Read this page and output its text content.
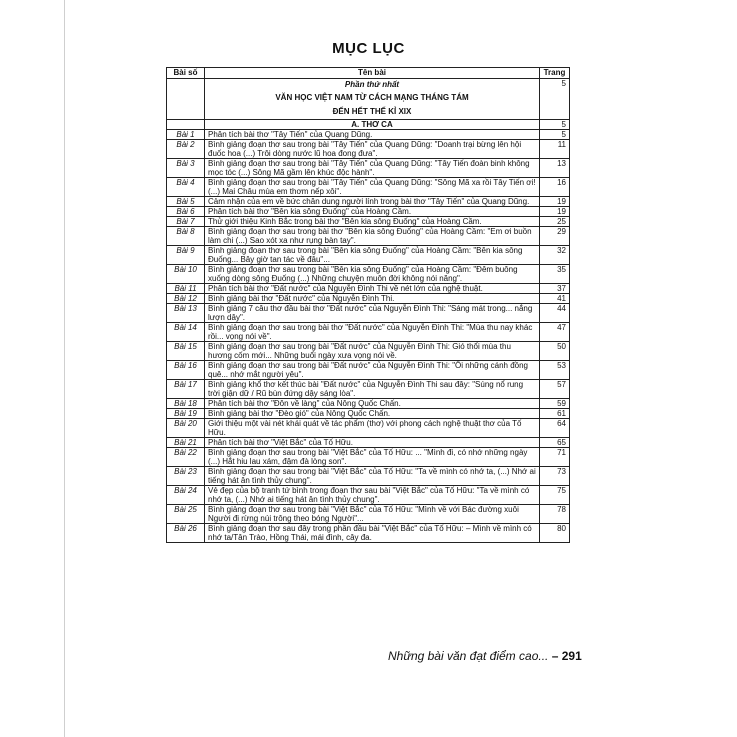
MỤC LỤC
Bài số	Tên bài	Trang

	Phần thứ nhất
VĂN HỌC VIỆT NAM TỪ CÁCH MẠNG THÁNG TÁM
ĐẾN HẾT THẾ KỈ XIX	5
	A. THƠ CA	5
Bài 1	Phân tích bài thơ "Tây Tiến" của Quang Dũng.	5
Bài 2	Bình giảng đoạn thơ sau trong bài "Tây Tiến" của Quang Dũng: "Doanh trại bừng lên hội đuốc hoa (...) Trôi dòng nước lũ hoa đong đưa".	11
Bài 3	Bình giảng đoạn thơ sau trong bài "Tây Tiến" của Quang Dũng: "Tây Tiến đoàn binh không mọc tóc (...) Sông Mã gầm lên khúc độc hành".	13
Bài 4	Bình giảng đoạn thơ sau trong bài "Tây Tiến" của Quang Dũng: "Sông Mã xa rồi Tây Tiến ơi! (...) Mai Châu mùa em thơm nếp xôi".	16
Bài 5	Cảm nhận của em về bức chân dung người lính trong bài thơ "Tây Tiến" của Quang Dũng.	19
Bài 6	Phân tích bài thơ "Bên kia sông Đuống" của Hoàng Cầm.	19
Bài 7	Thử giới thiệu Kinh Bắc trong bài thơ "Bên kia sông Đuống" của Hoàng Cầm.	25
Bài 8	Bình giảng đoạn thơ sau trong bài thơ "Bên kia sông Đuống" của Hoàng Cầm: "Em ơi buồn làm chi (...) Sao xót xa như rụng bàn tay".	29
Bài 9	Bình giảng đoạn thơ sau trong bài "Bên kia sông Đuống" của Hoàng Cầm: "Bên kia sông Đuống... Bây giờ tan tác về đâu"...	32
Bài 10	Bình giảng đoạn thơ sau trong bài "Bên kia sông Đuống" của Hoàng Cầm: "Đêm buông xuống dòng sông Đuống (...) Những chuyện muôn đời không nói năng".	35
Bài 11	Phân tích bài thơ "Đất nước" của Nguyễn Đình Thi về nét lớn của nghệ thuật.	37
Bài 12	Bình giảng bài thơ "Đất nước" của Nguyễn Đình Thi.	41
Bài 13	Bình giảng 7 câu thơ đầu bài thơ "Đất nước" của Nguyễn Đình Thi: "Sáng mát trong... nắng lượn dây".	44
Bài 14	Bình giảng đoạn thơ sau trong bài thơ "Đất nước" của Nguyễn Đình Thi: "Mùa thu nay khác rồi... vọng nói về".	47
Bài 15	Bình giảng đoạn thơ sau trong bài "Đất nước" của Nguyễn Đình Thi: Gió thổi mùa thu hương cốm mới... Những buổi ngày xưa vọng nói về.	50
Bài 16	Bình giảng đoạn thơ sau trong bài "Đất nước" của Nguyễn Đình Thi: "Ôi những cánh đồng quê... nhớ mắt người yêu".	53
Bài 17	Bình giảng khổ thơ kết thúc bài "Đất nước" của Nguyễn Đình Thi sau đây: "Súng nổ rung trời giận dữ / Rũ bùn đứng dậy sáng lòa".	57
Bài 18	Phân tích bài thơ "Đôn về làng" của Nông Quốc Chấn.	59
Bài 19	Bình giảng bài thơ "Đèo gió" của Nông Quốc Chấn.	61
Bài 20	Giới thiệu một vài nét khái quát về tác phẩm (thơ) với phong cách nghệ thuật thơ của Tố Hữu.	64
Bài 21	Phân tích bài thơ "Việt Bắc" của Tố Hữu.	65
Bài 22	Bình giảng đoạn thơ sau trong bài "Việt Bắc" của Tố Hữu: ... "Mình đi, có nhớ những ngày (...) Hắt hiu lau xám, đậm đà lòng son".	71
Bài 23	Bình giảng đoạn thơ sau trong bài "Việt Bắc" của Tố Hữu: "Ta về mình có nhớ ta, (...) Nhớ ai tiếng hát ân tình thủy chung".	73
Bài 24	Vẻ đẹp của bộ tranh tứ bình trong đoạn thơ sau bài "Việt Bắc" của Tố Hữu: "Ta về mình có nhớ ta, (...) Nhớ ai tiếng hát ân tình thủy chung".	75
Bài 25	Bình giảng đoạn thơ sau trong bài "Việt Bắc" của Tố Hữu: "Mình về với Bác đường xuôi Người đi rừng núi trông theo bóng Người"...	78
Bài 26	Bình giảng đoạn thơ sau đây trong phần đầu bài "Việt Bắc" của Tố Hữu: – Mình về mình có nhớ ta/Tân Trào, Hồng Thái, mái đình, cây đa.	80
Những bài văn đạt điểm cao... – 291
